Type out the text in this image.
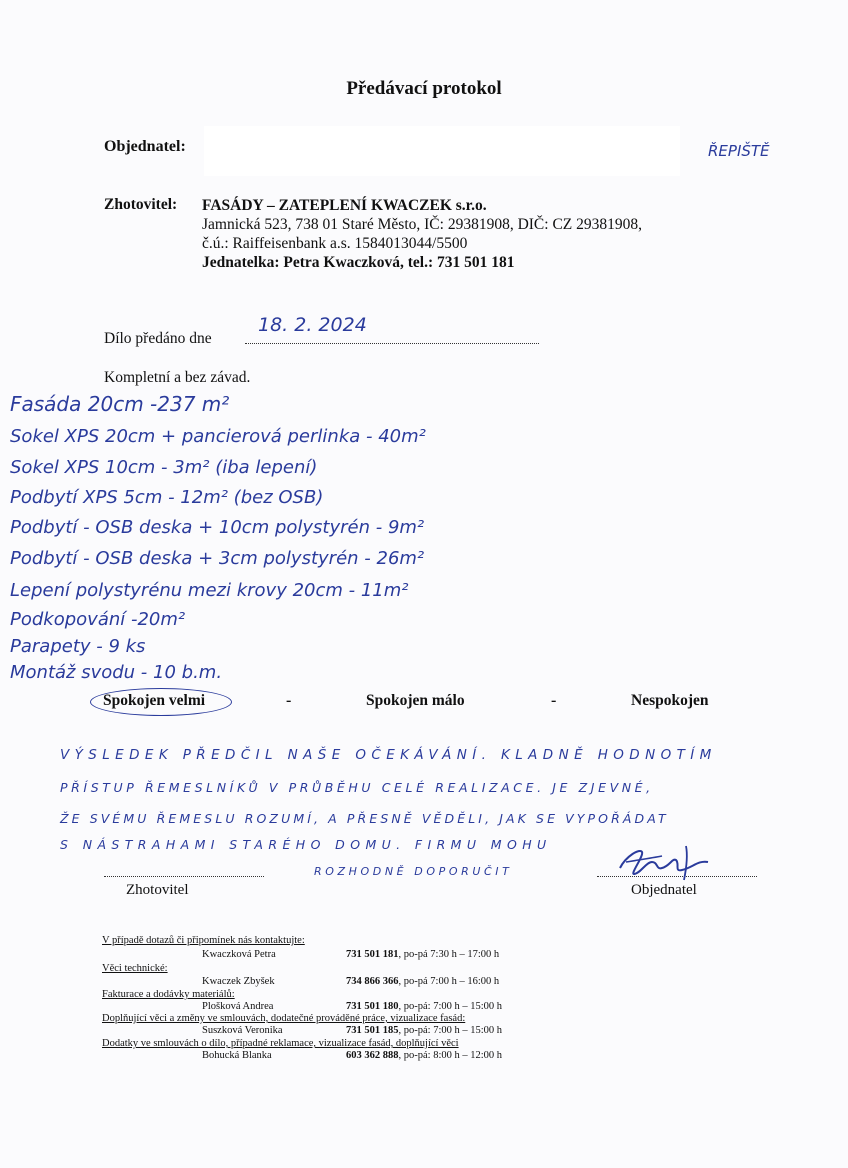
Předávací protokol
Objednatel:	ŘEPIŠTĚ
Zhotovitel: FASÁDY – ZATEPLENÍ KWACZEK s.r.o.
Jamnická 523, 738 01 Staré Město, IČ: 29381908, DIČ: CZ 29381908,
č.ú.: Raiffeisenbank a.s. 1584013044/5500
Jednatelka: Petra Kwaczková, tel.: 731 501 181
Dílo předáno dne
18. 2. 2024
Kompletní a bez závad.
Fasáda 20cm -237 m²
Sokel XPS 20cm + pancierová perlinka - 40m²
Sokel XPS 10cm - 3m² (iba lepení)
Podbytí XPS 5cm - 12m² (bez OSB)
Podbytí - OSB deska + 10cm polystyrén - 9m²
Podbytí - OSB deska + 3cm polystyrén - 26m²
Lepení polystyrénu mezi krovy 20cm - 11m²
Podkopování -20m²
Parapety - 9 ks
Montáž svodu - 10 b.m.
Spokojen velmi	-	Spokojen málo	-	Nespokojen
VÝSLEDEK PŘEDČIL NAŠE OČEKÁVÁNÍ. KLADNĚ HODNOTÍM
PŘÍSTUP ŘEMESLNÍKŮ V PRŮBĚHU CELÉ REALIZACE. JE ZJEVNÉ,
ŽE SVÉMU ŘEMESLU ROZUMÍ, A PŘESNĚ VĚDĚLI, JAK SE VYPOŘÁDAT
S NÁSTRAHAMI STARÉHO DOMU. FIRMU MOHU
ROZHODNĚ DOPORUČIT
Zhotovitel	Objednatel
V případě dotazů či připomínek nás kontaktujte:
Kwaczková Petra	731 501 181, po-pá 7:30 h – 17:00 h
Věci technické:
Kwaczek Zbyšek	734 866 366, po-pá 7:00 h – 16:00 h
Fakturace a dodávky materiálů:
Plošková Andrea	731 501 180, po-pá: 7:00 h – 15:00 h
Doplňující věci a změny ve smlouvách, dodatečné prováděné práce, vizualizace fasád:
Suszková Veronika	731 501 185, po-pá: 7:00 h – 15:00 h
Dodatky ve smlouvách o dílo, případné reklamace, vizualizace fasád, doplňující věci
Bohucká Blanka	603 362 888, po-pá: 8:00 h – 12:00 h
